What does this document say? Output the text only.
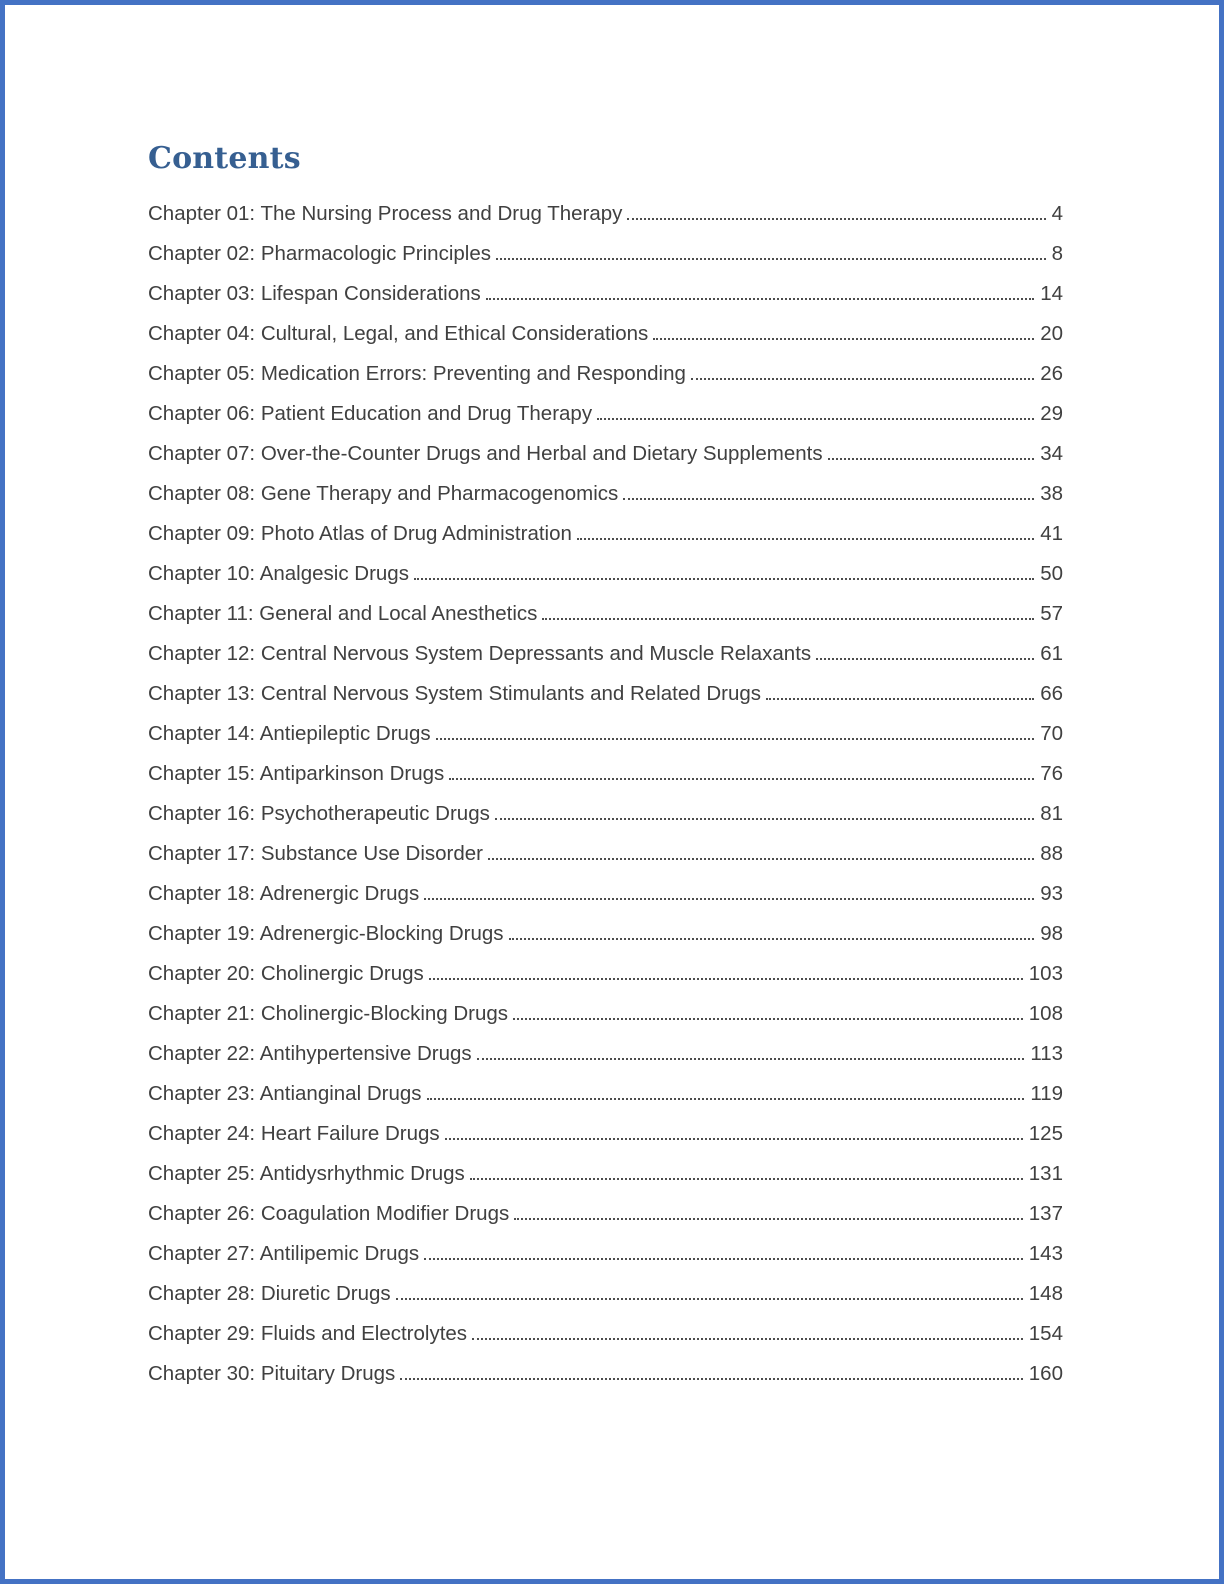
Contents
Chapter 01: The Nursing Process and Drug Therapy	4
Chapter 02: Pharmacologic Principles	8
Chapter 03: Lifespan Considerations	14
Chapter 04: Cultural, Legal, and Ethical Considerations	20
Chapter 05: Medication Errors: Preventing and Responding	26
Chapter 06: Patient Education and Drug Therapy	29
Chapter 07: Over-the-Counter Drugs and Herbal and Dietary Supplements	34
Chapter 08: Gene Therapy and Pharmacogenomics	38
Chapter 09: Photo Atlas of Drug Administration	41
Chapter 10: Analgesic Drugs	50
Chapter 11: General and Local Anesthetics	57
Chapter 12: Central Nervous System Depressants and Muscle Relaxants	61
Chapter 13: Central Nervous System Stimulants and Related Drugs	66
Chapter 14: Antiepileptic Drugs	70
Chapter 15: Antiparkinson Drugs	76
Chapter 16: Psychotherapeutic Drugs	81
Chapter 17: Substance Use Disorder	88
Chapter 18: Adrenergic Drugs	93
Chapter 19: Adrenergic-Blocking Drugs	98
Chapter 20: Cholinergic Drugs	103
Chapter 21: Cholinergic-Blocking Drugs	108
Chapter 22: Antihypertensive Drugs	113
Chapter 23: Antianginal Drugs	119
Chapter 24: Heart Failure Drugs	125
Chapter 25: Antidysrhythmic Drugs	131
Chapter 26: Coagulation Modifier Drugs	137
Chapter 27: Antilipemic Drugs	143
Chapter 28: Diuretic Drugs	148
Chapter 29: Fluids and Electrolytes	154
Chapter 30: Pituitary Drugs	160
